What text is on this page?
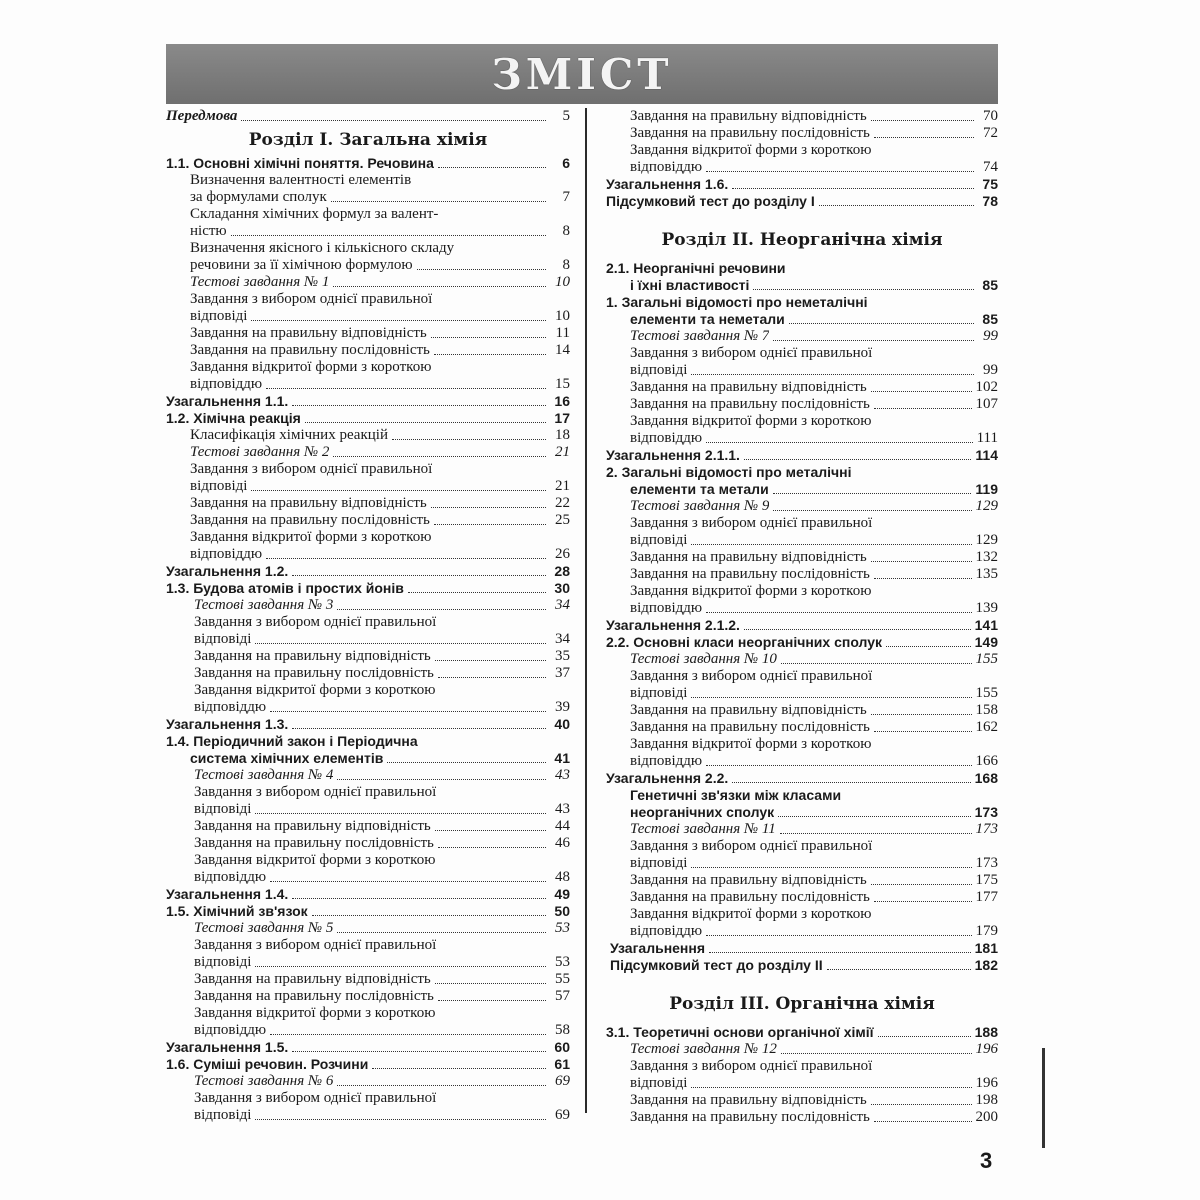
ЗМІСТ
Передмова	5
Розділ І. Загальна хімія
1.1. Основні хімічні поняття. Речовина	6
Визначення валентності елементів
за формулами сполук	7
Складання хімічних формул за валент-
ністю	8
Визначення якісного і кількісного складу
речовини за її хімічною формулою	8
Тестові завдання № 1	10
Завдання з вибором однієї правильної
відповіді	10
Завдання на правильну відповідність	11
Завдання на правильну послідовність	14
Завдання відкритої форми з короткою
відповіддю	15
Узагальнення 1.1.	16
1.2. Хімічна реакція	17
Класифікація хімічних реакцій	18
Тестові завдання № 2	21
Завдання з вибором однієї правильної
відповіді	21
Завдання на правильну відповідність	22
Завдання на правильну послідовність	25
Завдання відкритої форми з короткою
відповіддю	26
Узагальнення 1.2.	28
1.3. Будова атомів і простих йонів	30
Тестові завдання № 3	34
Завдання з вибором однієї правильної
відповіді	34
Завдання на правильну відповідність	35
Завдання на правильну послідовність	37
Завдання відкритої форми з короткою
відповіддю	39
Узагальнення 1.3.	40
1.4. Періодичний закон і Періодична
система хімічних елементів	41
Тестові завдання № 4	43
Завдання з вибором однієї правильної
відповіді	43
Завдання на правильну відповідність	44
Завдання на правильну послідовність	46
Завдання відкритої форми з короткою
відповіддю	48
Узагальнення 1.4.	49
1.5. Хімічний зв'язок	50
Тестові завдання № 5	53
Завдання з вибором однієї правильної
відповіді	53
Завдання на правильну відповідність	55
Завдання на правильну послідовність	57
Завдання відкритої форми з короткою
відповіддю	58
Узагальнення 1.5.	60
1.6. Суміші речовин. Розчини	61
Тестові завдання № 6	69
Завдання з вибором однієї правильної
відповіді	69
Завдання на правильну відповідність	70
Завдання на правильну послідовність	72
Завдання відкритої форми з короткою
відповіддю	74
Узагальнення 1.6.	75
Підсумковий тест до розділу І	78
Розділ ІІ. Неорганічна хімія
2.1. Неорганічні речовини
і їхні властивості	85
1. Загальні відомості про неметалічні
елементи та неметали	85
Тестові завдання № 7	99
Завдання з вибором однієї правильної
відповіді	99
Завдання на правильну відповідність	102
Завдання на правильну послідовність	107
Завдання відкритої форми з короткою
відповіддю	111
Узагальнення 2.1.1.	114
2. Загальні відомості про металічні
елементи та метали	119
Тестові завдання № 9	129
Завдання з вибором однієї правильної
відповіді	129
Завдання на правильну відповідність	132
Завдання на правильну послідовність	135
Завдання відкритої форми з короткою
відповіддю	139
Узагальнення 2.1.2.	141
2.2. Основні класи неорганічних сполук	149
Тестові завдання № 10	155
Завдання з вибором однієї правильної
відповіді	155
Завдання на правильну відповідність	158
Завдання на правильну послідовність	162
Завдання відкритої форми з короткою
відповіддю	166
Узагальнення 2.2.	168
Генетичні зв'язки між класами
неорганічних сполук	173
Тестові завдання № 11	173
Завдання з вибором однієї правильної
відповіді	173
Завдання на правильну відповідність	175
Завдання на правильну послідовність	177
Завдання відкритої форми з короткою
відповіддю	179
Узагальнення	181
Підсумковий тест до розділу II	182
Розділ ІІІ. Органічна хімія
3.1. Теоретичні основи органічної хімії	188
Тестові завдання № 12	196
Завдання з вибором однієї правильної
відповіді	196
Завдання на правильну відповідність	198
Завдання на правильну послідовність	200
3
